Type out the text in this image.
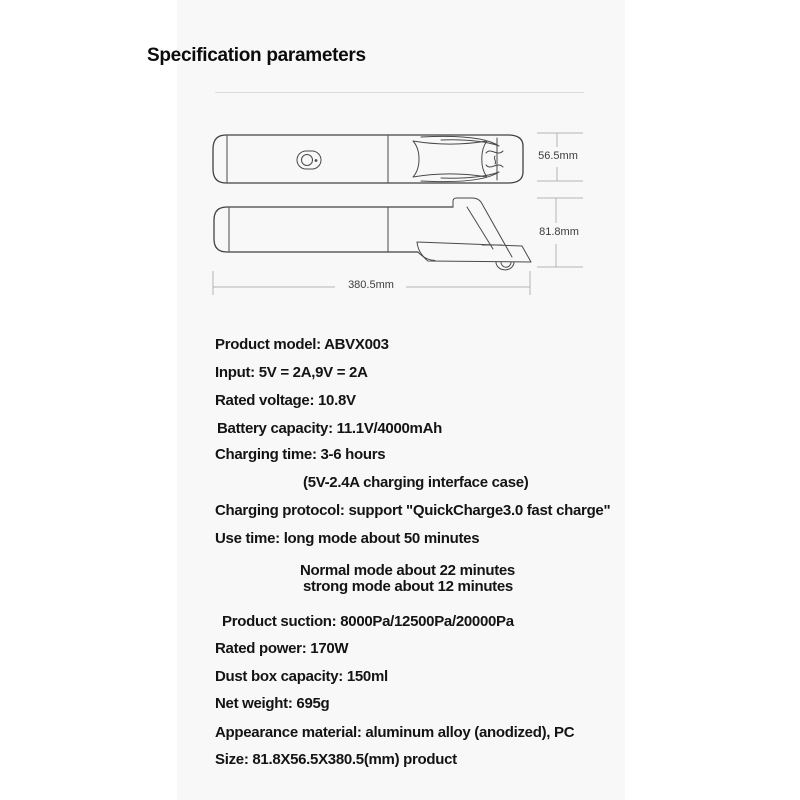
Specification parameters
56.5mm
81.8mm
380.5mm
Product model: ABVX003
Input: 5V = 2A,9V = 2A
Rated voltage: 10.8V
Battery capacity: 11.1V/4000mAh
Charging time: 3-6 hours
(5V-2.4A charging interface case)
Charging protocol: support "QuickCharge3.0 fast charge"
Use time: long mode about 50 minutes
Normal mode about 22 minutes
strong mode about 12 minutes
Product suction: 8000Pa/12500Pa/20000Pa
Rated power: 170W
Dust box capacity: 150ml
Net weight: 695g
Appearance material: aluminum alloy (anodized), PC
Size: 81.8X56.5X380.5(mm) product
